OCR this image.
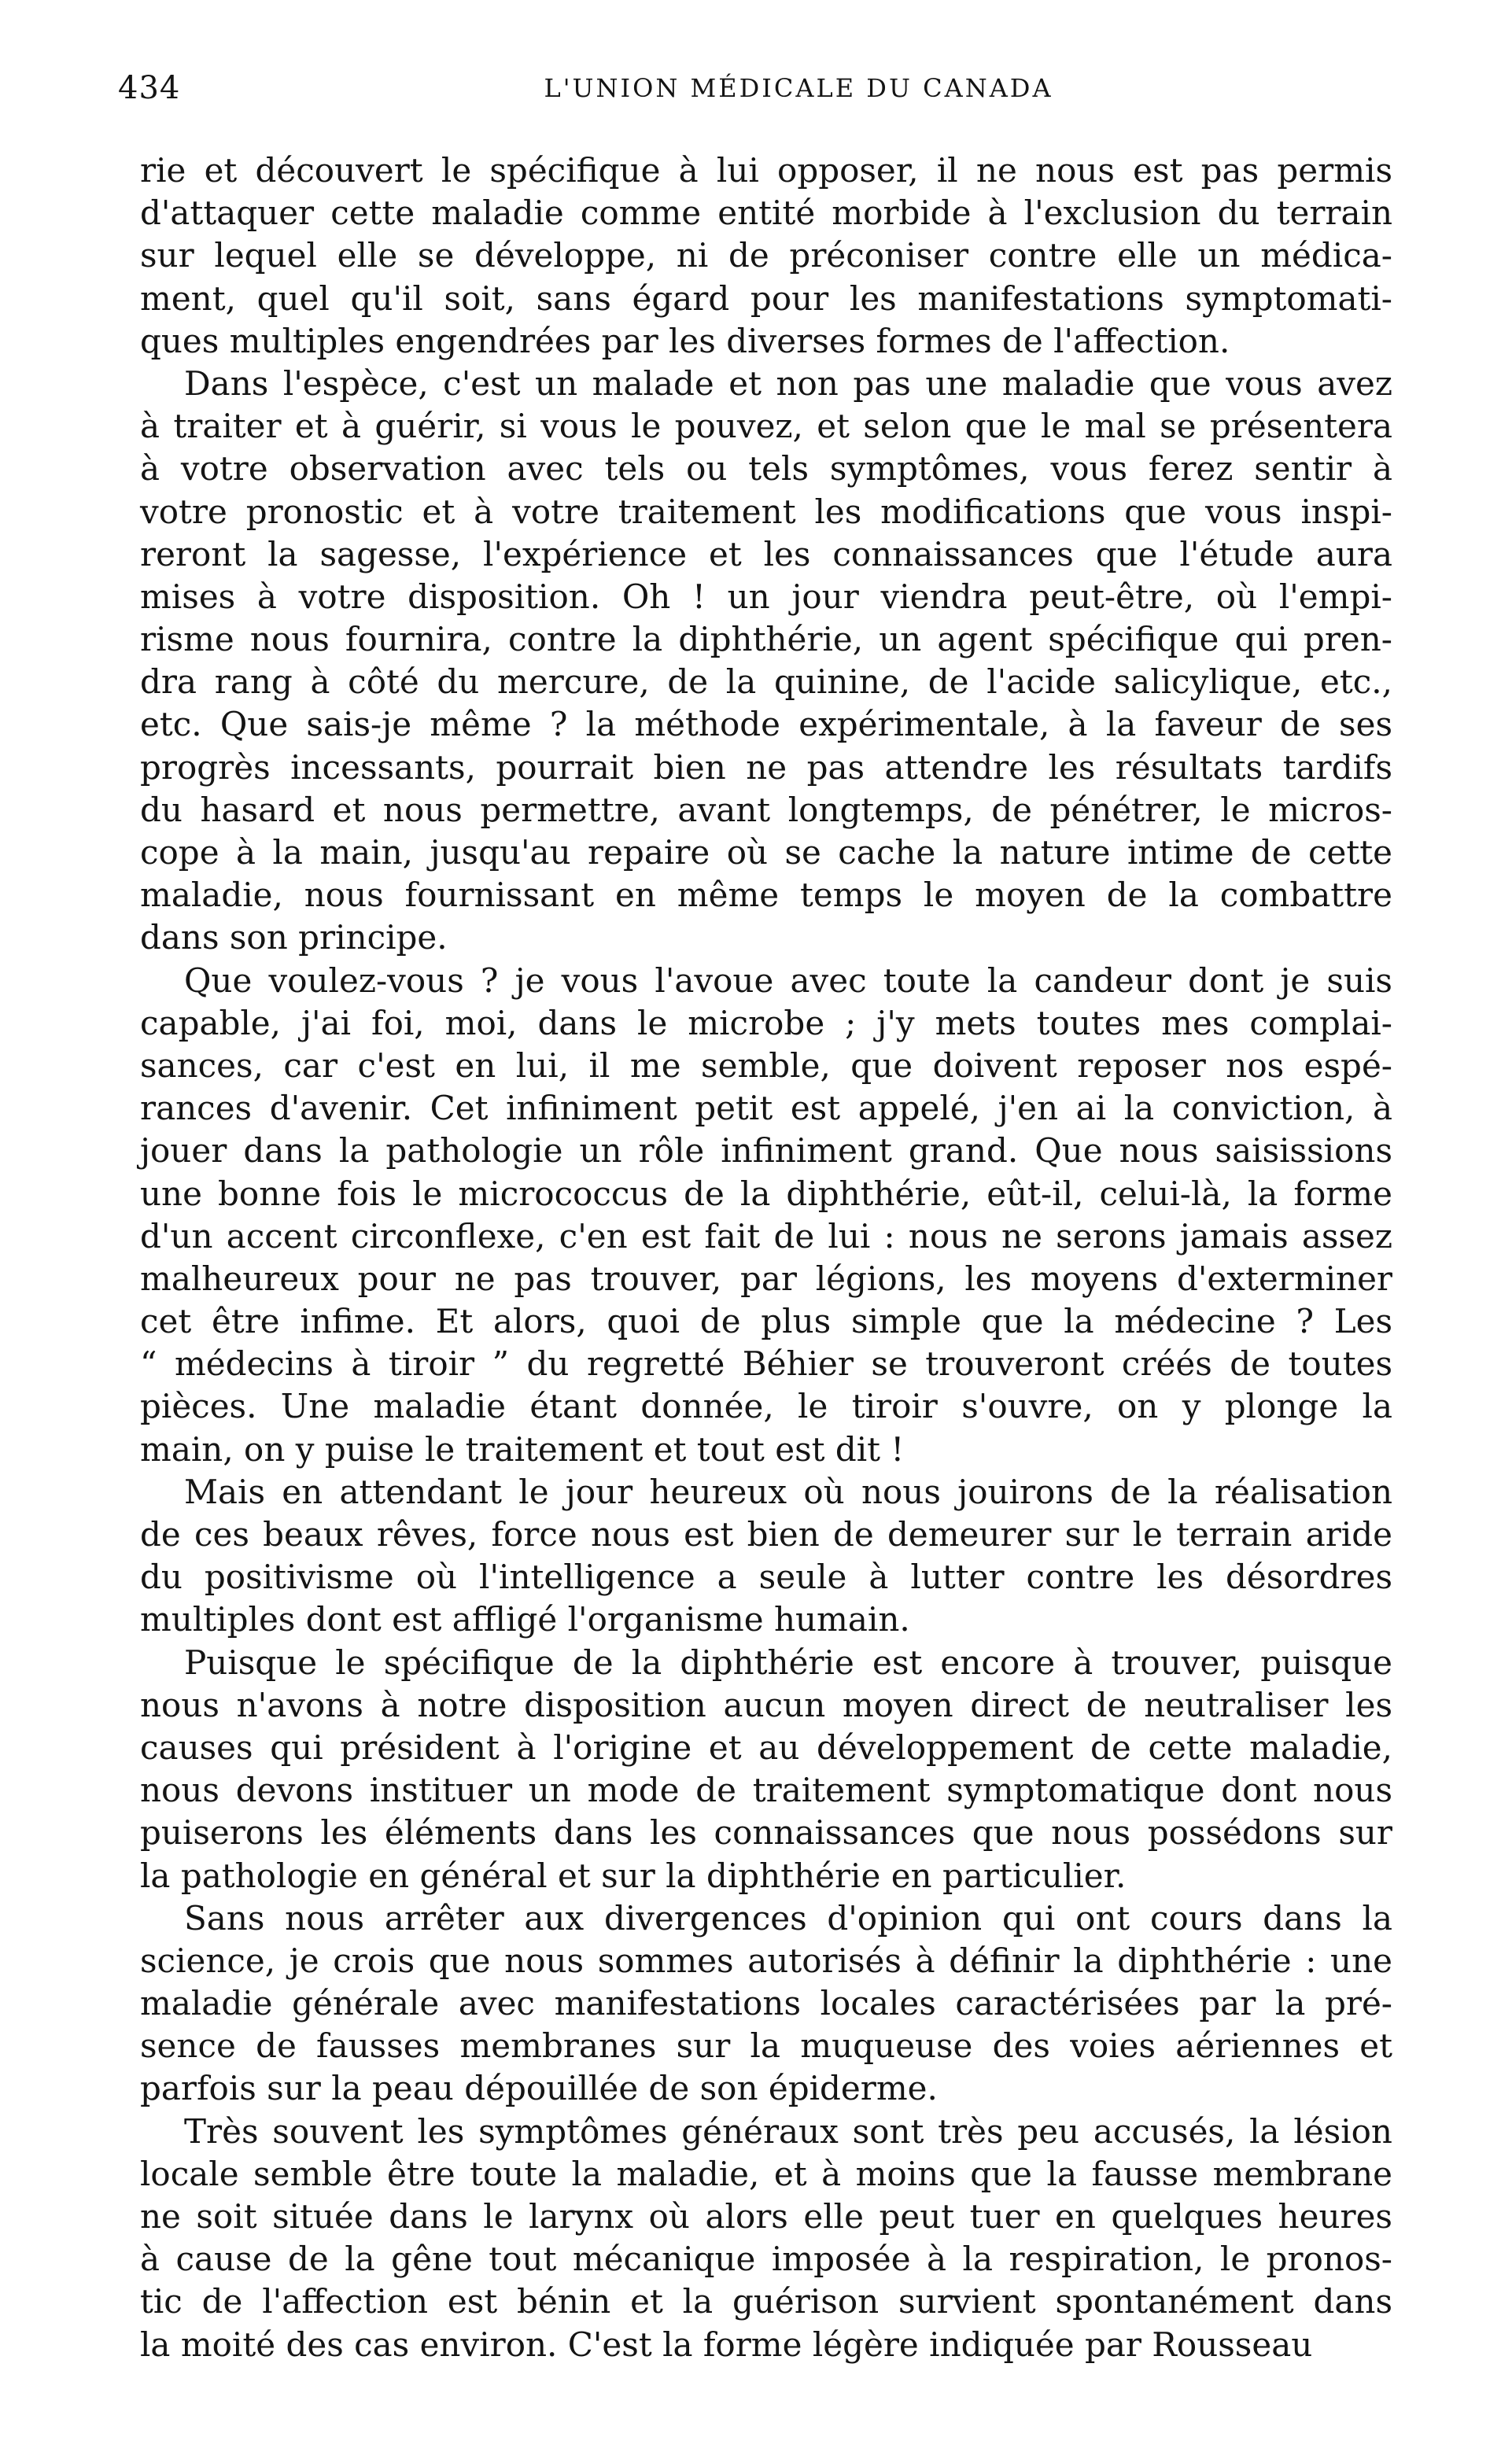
434	L'UNION MÉDICALE DU CANADA
rie et découvert le spécifique à lui opposer, il ne nous est pas permis
d'attaquer cette maladie comme entité morbide à l'exclusion du terrain
sur lequel elle se développe, ni de préconiser contre elle un médica-
ment, quel qu'il soit, sans égard pour les manifestations symptomati-
ques multiples engendrées par les diverses formes de l'affection.
Dans l'espèce, c'est un malade et non pas une maladie que vous avez
à traiter et à guérir, si vous le pouvez, et selon que le mal se présentera
à votre observation avec tels ou tels symptômes, vous ferez sentir à
votre pronostic et à votre traitement les modifications que vous inspi-
reront la sagesse, l'expérience et les connaissances que l'étude aura
mises à votre disposition. Oh ! un jour viendra peut-être, où l'empi-
risme nous fournira, contre la diphthérie, un agent spécifique qui pren-
dra rang à côté du mercure, de la quinine, de l'acide salicylique, etc.,
etc. Que sais-je même ? la méthode expérimentale, à la faveur de ses
progrès incessants, pourrait bien ne pas attendre les résultats tardifs
du hasard et nous permettre, avant longtemps, de pénétrer, le micros-
cope à la main, jusqu'au repaire où se cache la nature intime de cette
maladie, nous fournissant en même temps le moyen de la combattre
dans son principe.
Que voulez-vous ? je vous l'avoue avec toute la candeur dont je suis
capable, j'ai foi, moi, dans le microbe ; j'y mets toutes mes complai-
sances, car c'est en lui, il me semble, que doivent reposer nos espé-
rances d'avenir. Cet infiniment petit est appelé, j'en ai la conviction, à
jouer dans la pathologie un rôle infiniment grand. Que nous saisissions
une bonne fois le micrococcus de la diphthérie, eût-il, celui-là, la forme
d'un accent circonflexe, c'en est fait de lui : nous ne serons jamais assez
malheureux pour ne pas trouver, par légions, les moyens d'exterminer
cet être infime. Et alors, quoi de plus simple que la médecine ? Les
“ médecins à tiroir ” du regretté Béhier se trouveront créés de toutes
pièces. Une maladie étant donnée, le tiroir s'ouvre, on y plonge la
main, on y puise le traitement et tout est dit !
Mais en attendant le jour heureux où nous jouirons de la réalisation
de ces beaux rêves, force nous est bien de demeurer sur le terrain aride
du positivisme où l'intelligence a seule à lutter contre les désordres
multiples dont est affligé l'organisme humain.
Puisque le spécifique de la diphthérie est encore à trouver, puisque
nous n'avons à notre disposition aucun moyen direct de neutraliser les
causes qui président à l'origine et au développement de cette maladie,
nous devons instituer un mode de traitement symptomatique dont nous
puiserons les éléments dans les connaissances que nous possédons sur
la pathologie en général et sur la diphthérie en particulier.
Sans nous arrêter aux divergences d'opinion qui ont cours dans la
science, je crois que nous sommes autorisés à définir la diphthérie : une
maladie générale avec manifestations locales caractérisées par la pré-
sence de fausses membranes sur la muqueuse des voies aériennes et
parfois sur la peau dépouillée de son épiderme.
Très souvent les symptômes généraux sont très peu accusés, la lésion
locale semble être toute la maladie, et à moins que la fausse membrane
ne soit située dans le larynx où alors elle peut tuer en quelques heures
à cause de la gêne tout mécanique imposée à la respiration, le pronos-
tic de l'affection est bénin et la guérison survient spontanément dans
la moité des cas environ. C'est la forme légère indiquée par Rousseau
